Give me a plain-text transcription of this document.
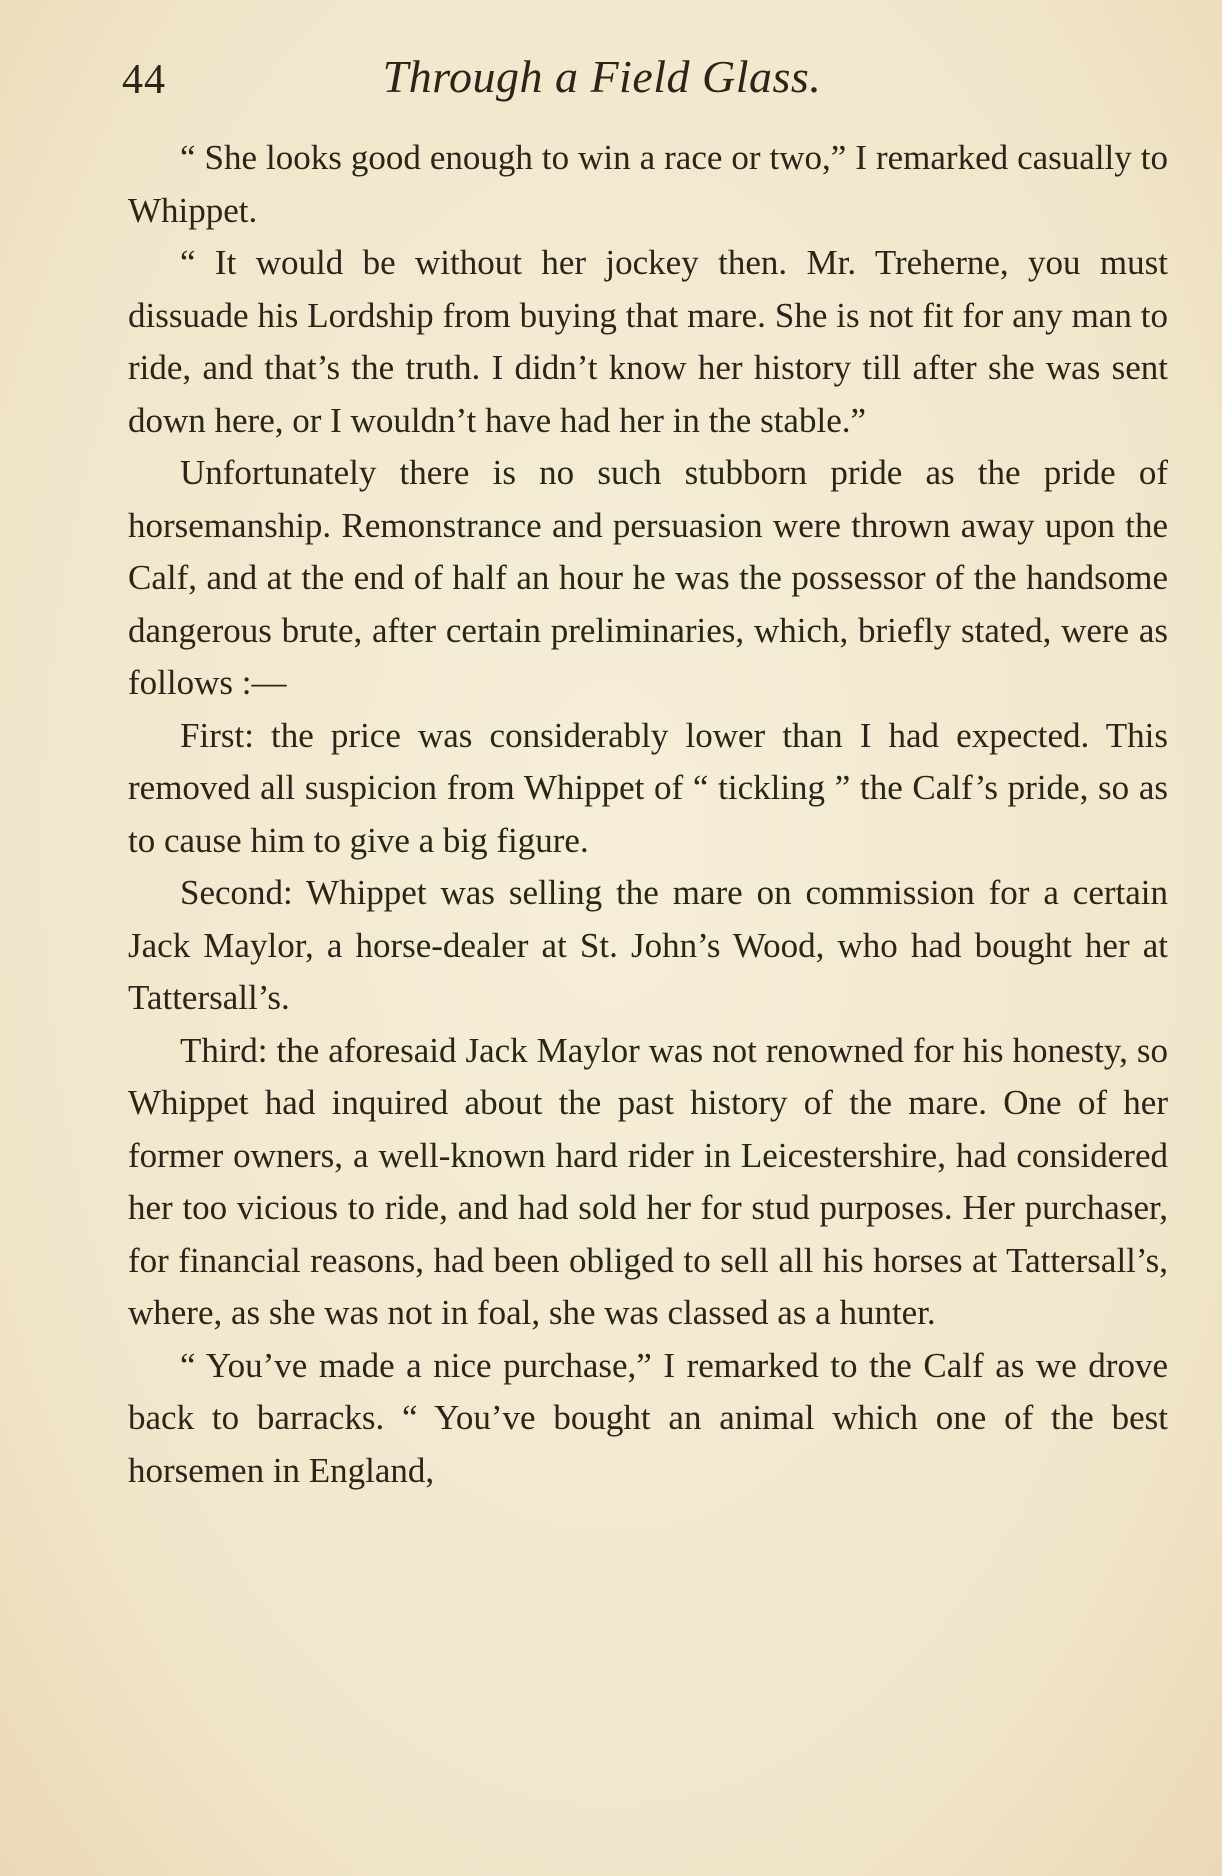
44	Through a Field Glass.

“ She looks good enough to win a race or two,” I remarked casually to Whippet.

“ It would be without her jockey then. Mr. Treherne, you must dissuade his Lordship from buying that mare. She is not fit for any man to ride, and that’s the truth. I didn’t know her history till after she was sent down here, or I wouldn’t have had her in the stable.”

Unfortunately there is no such stubborn pride as the pride of horsemanship. Remonstrance and persuasion were thrown away upon the Calf, and at the end of half an hour he was the possessor of the handsome dangerous brute, after certain preliminaries, which, briefly stated, were as follows :—

First: the price was considerably lower than I had expected. This removed all suspicion from Whippet of “ tickling ” the Calf’s pride, so as to cause him to give a big figure.

Second: Whippet was selling the mare on commission for a certain Jack Maylor, a horse-dealer at St. John’s Wood, who had bought her at Tattersall’s.

Third: the aforesaid Jack Maylor was not renowned for his honesty, so Whippet had inquired about the past history of the mare. One of her former owners, a well-known hard rider in Leicestershire, had considered her too vicious to ride, and had sold her for stud purposes. Her purchaser, for financial reasons, had been obliged to sell all his horses at Tattersall’s, where, as she was not in foal, she was classed as a hunter.

“ You’ve made a nice purchase,” I remarked to the Calf as we drove back to barracks. “ You’ve bought an animal which one of the best horsemen in England,
